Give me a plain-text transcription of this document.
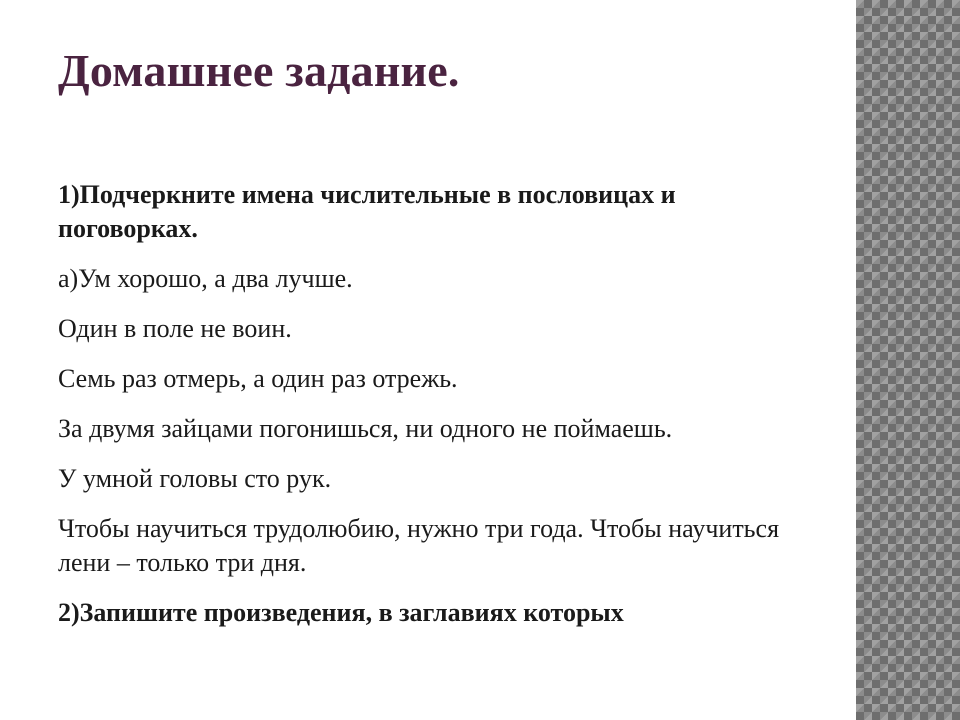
Домашнее задание.

1)Подчеркните имена числительные в пословицах и поговорках.

а)Ум хорошо, а два лучше.

Один в поле не воин.

Семь раз отмерь, а один раз отрежь.

За двумя зайцами погонишься, ни одного не поймаешь.

У умной головы сто рук.

Чтобы научиться трудолюбию, нужно три года. Чтобы научиться лени – только три дня.

2)Запишите произведения, в заглавиях которых
